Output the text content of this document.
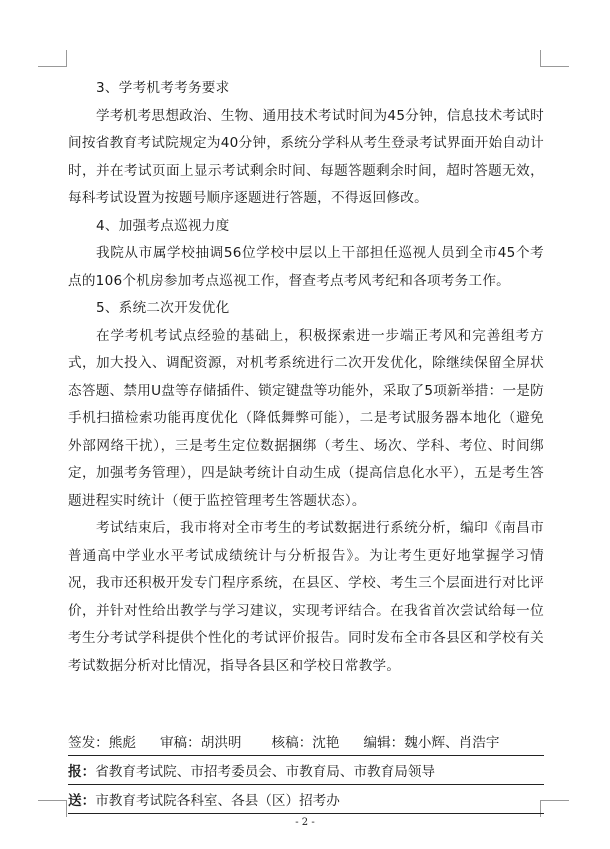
3、学考机考考务要求

学考机考思想政治、生物、通用技术考试时间为45分钟，信息技术考试时间按省教育考试院规定为40分钟，系统分学科从考生登录考试界面开始自动计时，并在考试页面上显示考试剩余时间、每题答题剩余时间，超时答题无效，每科考试设置为按题号顺序逐题进行答题，不得返回修改。

4、加强考点巡视力度

我院从市属学校抽调56位学校中层以上干部担任巡视人员到全市45个考点的106个机房参加考点巡视工作，督查考点考风考纪和各项考务工作。

5、系统二次开发优化

在学考机考试点经验的基础上，积极探索进一步端正考风和完善组考方式，加大投入、调配资源，对机考系统进行二次开发优化，除继续保留全屏状态答题、禁用U盘等存储插件、锁定键盘等功能外，采取了5项新举措：一是防手机扫描检索功能再度优化（降低舞弊可能），二是考试服务器本地化（避免外部网络干扰），三是考生定位数据捆绑（考生、场次、学科、考位、时间绑定，加强考务管理），四是缺考统计自动生成（提高信息化水平），五是考生答题进程实时统计（便于监控管理考生答题状态）。

考试结束后，我市将对全市考生的考试数据进行系统分析，编印《南昌市普通高中学业水平考试成绩统计与分析报告》。为让考生更好地掌握学习情况，我市还积极开发专门程序系统，在县区、学校、考生三个层面进行对比评价，并针对性给出教学与学习建议，实现考评结合。在我省首次尝试给每一位考生分考试学科提供个性化的考试评价报告。同时发布全市各县区和学校有关考试数据分析对比情况，指导各县区和学校日常教学。

签发：熊彪 审稿：胡洪明 核稿：沈艳 编辑：魏小辉、肖浩宇
报： 省教育考试院、市招考委员会、市教育局、市教育局领导
送： 市教育考试院各科室、各县（区）招考办
- 2 -
